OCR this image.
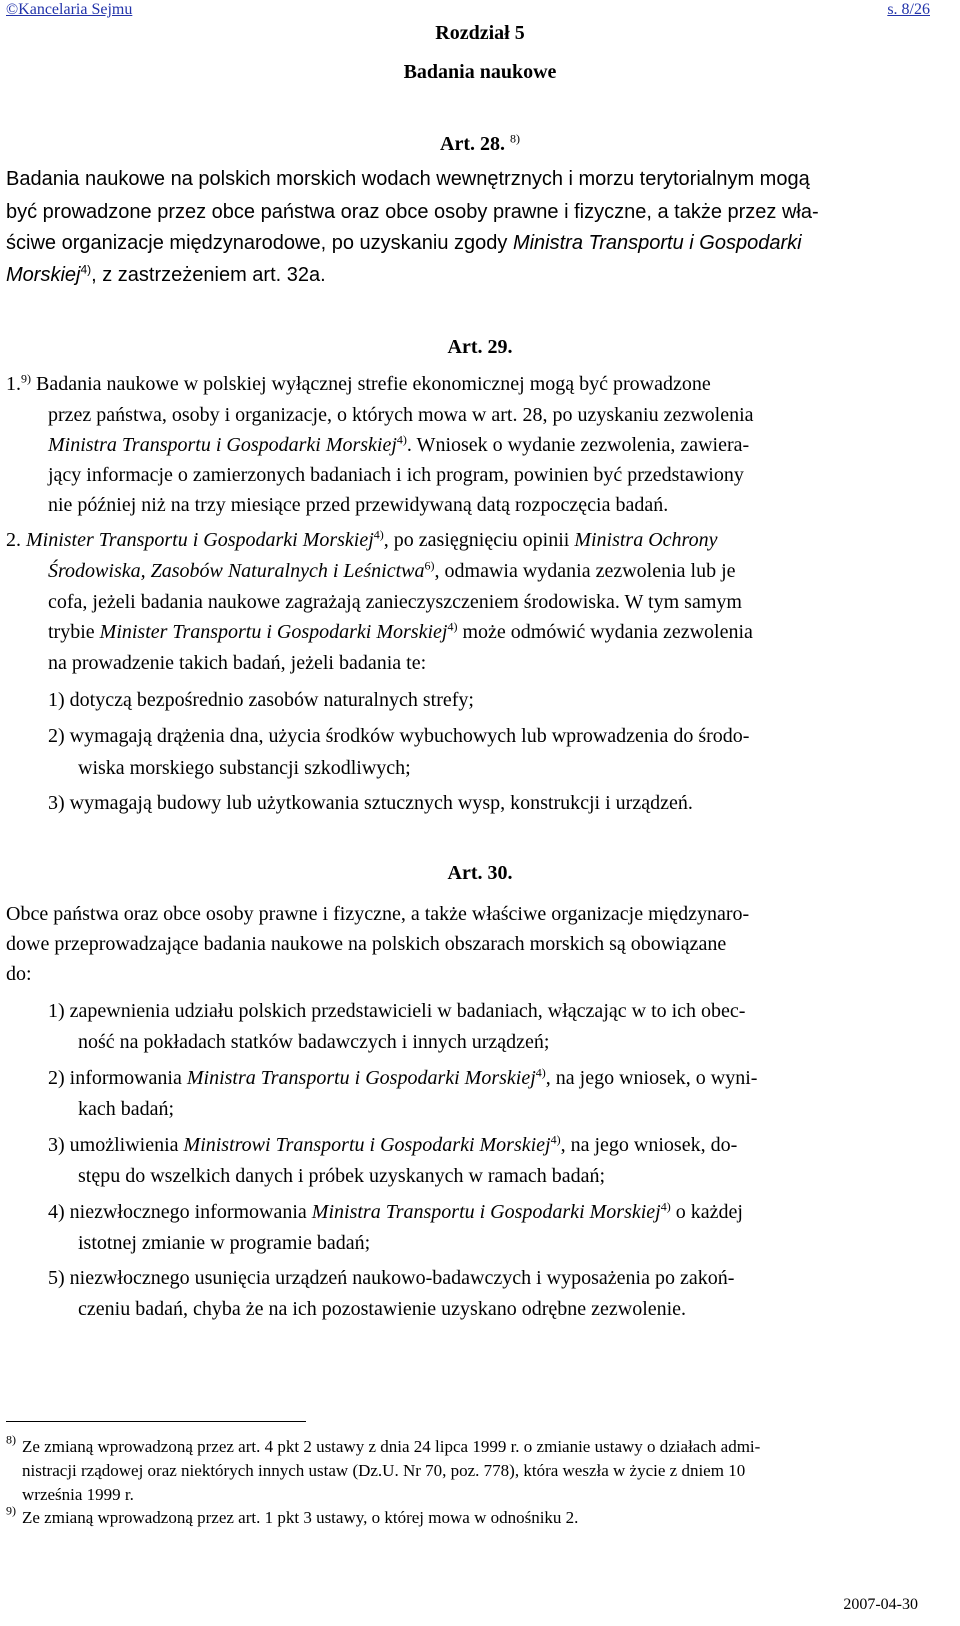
©Kancelaria Sejmu	s. 8/26
Rozdział 5
Badania naukowe
Art. 28. $^{8)}$
Badania naukowe na polskich morskich wodach wewnętrznych i morzu terytorialnym mogą
być prowadzone przez obce państwa oraz obce osoby prawne i fizyczne, a także przez wła-
ściwe organizacje międzynarodowe, po uzyskaniu zgody Ministra Transportu i Gospodarki
Morskiej$^{4)}$, z zastrzeżeniem art. 32a.
Art. 29.
1.$^{9)}$ Badania naukowe w polskiej wyłącznej strefie ekonomicznej mogą być prowadzone
przez państwa, osoby i organizacje, o których mowa w art. 28, po uzyskaniu zezwolenia
Ministra Transportu i Gospodarki Morskiej$^{4)}$. Wniosek o wydanie zezwolenia, zawiera-
jący informacje o zamierzonych badaniach i ich program, powinien być przedstawiony
nie później niż na trzy miesiące przed przewidywaną datą rozpoczęcia badań.
2. Minister Transportu i Gospodarki Morskiej$^{4)}$, po zasięgnięciu opinii Ministra Ochrony
Środowiska, Zasobów Naturalnych i Leśnictwa$^{6)}$, odmawia wydania zezwolenia lub je
cofa, jeżeli badania naukowe zagrażają zanieczyszczeniem środowiska. W tym samym
trybie Minister Transportu i Gospodarki Morskiej$^{4)}$ może odmówić wydania zezwolenia
na prowadzenie takich badań, jeżeli badania te:
1) dotyczą bezpośrednio zasobów naturalnych strefy;
2) wymagają drążenia dna, użycia środków wybuchowych lub wprowadzenia do środo-
wiska morskiego substancji szkodliwych;
3) wymagają budowy lub użytkowania sztucznych wysp, konstrukcji i urządzeń.
Art. 30.
Obce państwa oraz obce osoby prawne i fizyczne, a także właściwe organizacje międzynaro-
dowe przeprowadzające badania naukowe na polskich obszarach morskich są obowiązane
do:
1) zapewnienia udziału polskich przedstawicieli w badaniach, włączając w to ich obec-
ność na pokładach statków badawczych i innych urządzeń;
2) informowania Ministra Transportu i Gospodarki Morskiej$^{4)}$, na jego wniosek, o wyni-
kach badań;
3) umożliwienia Ministrowi Transportu i Gospodarki Morskiej$^{4)}$, na jego wniosek, do-
stępu do wszelkich danych i próbek uzyskanych w ramach badań;
4) niezwłocznego informowania Ministra Transportu i Gospodarki Morskiej$^{4)}$ o każdej
istotnej zmianie w programie badań;
5) niezwłocznego usunięcia urządzeń naukowo-badawczych i wyposażenia po zakoń-
czeniu badań, chyba że na ich pozostawienie uzyskano odrębne zezwolenie.
$^{8)}$ Ze zmianą wprowadzoną przez art. 4 pkt 2 ustawy z dnia 24 lipca 1999 r. o zmianie ustawy o działach admi-
nistracji rządowej oraz niektórych innych ustaw (Dz.U. Nr 70, poz. 778), która weszła w życie z dniem 10
września 1999 r.
$^{9)}$ Ze zmianą wprowadzoną przez art. 1 pkt 3 ustawy, o której mowa w odnośniku 2.
2007-04-30
